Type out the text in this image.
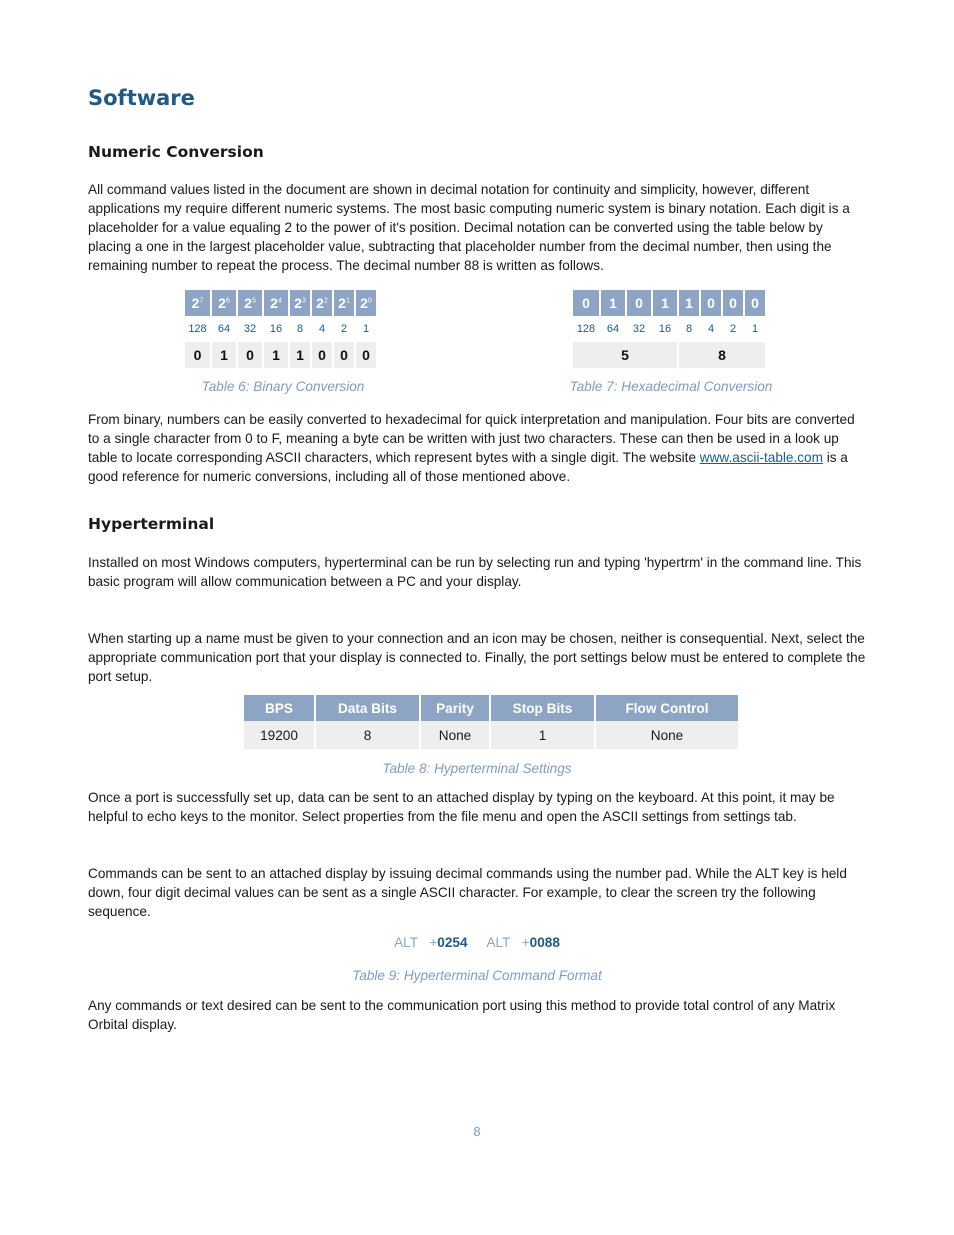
Software
Numeric Conversion

All command values listed in the document are shown in decimal notation for continuity and simplicity, however, different applications my require different numeric systems. The most basic computing numeric system is binary notation. Each digit is a placeholder for a value equaling 2 to the power of it's position. Decimal notation can be converted using the table below by placing a one in the largest placeholder value, subtracting that placeholder number from the decimal number, then using the remaining number to repeat the process. The decimal number 88 is written as follows.

$2^7$	$2^6$	$2^5$	$2^4$	$2^3$	$2^2$	$2^1$	$2^0$
128	64	32	16	8	4	2	1
0	1	0	1	1	0	0	0

Table 6: Binary Conversion

0	1	0	1	1	0	0	0
128	64	32	16	8	4	2	1
5				8			

Table 7: Hexadecimal Conversion

From binary, numbers can be easily converted to hexadecimal for quick interpretation and manipulation. Four bits are converted to a single character from 0 to F, meaning a byte can be written with just two characters. These can then be used in a look up table to locate corresponding ASCII characters, which represent bytes with a single digit. The website www.ascii-table.com is a good reference for numeric conversions, including all of those mentioned above.

Hyperterminal

Installed on most Windows computers, hyperterminal can be run by selecting run and typing 'hypertrm' in the command line. This basic program will allow communication between a PC and your display.

When starting up a name must be given to your connection and an icon may be chosen, neither is consequential. Next, select the appropriate communication port that your display is connected to. Finally, the port settings below must be entered to complete the port setup.

BPS	Data Bits	Parity	Stop Bits	Flow Control
19200	8	None	1	None

Table 8: Hyperterminal Settings

Once a port is successfully set up, data can be sent to an attached display by typing on the keyboard. At this point, it may be helpful to echo keys to the monitor. Select properties from the file menu and open the ASCII settings from settings tab.

Commands can be sent to an attached display by issuing decimal commands using the number pad. While the ALT key is held down, four digit decimal values can be sent as a single ASCII character. For example, to clear the screen try the following sequence.

ALT +0254 ALT +0088

Table 9: Hyperterminal Command Format

Any commands or text desired can be sent to the communication port using this method to provide total control of any Matrix Orbital display.

8
